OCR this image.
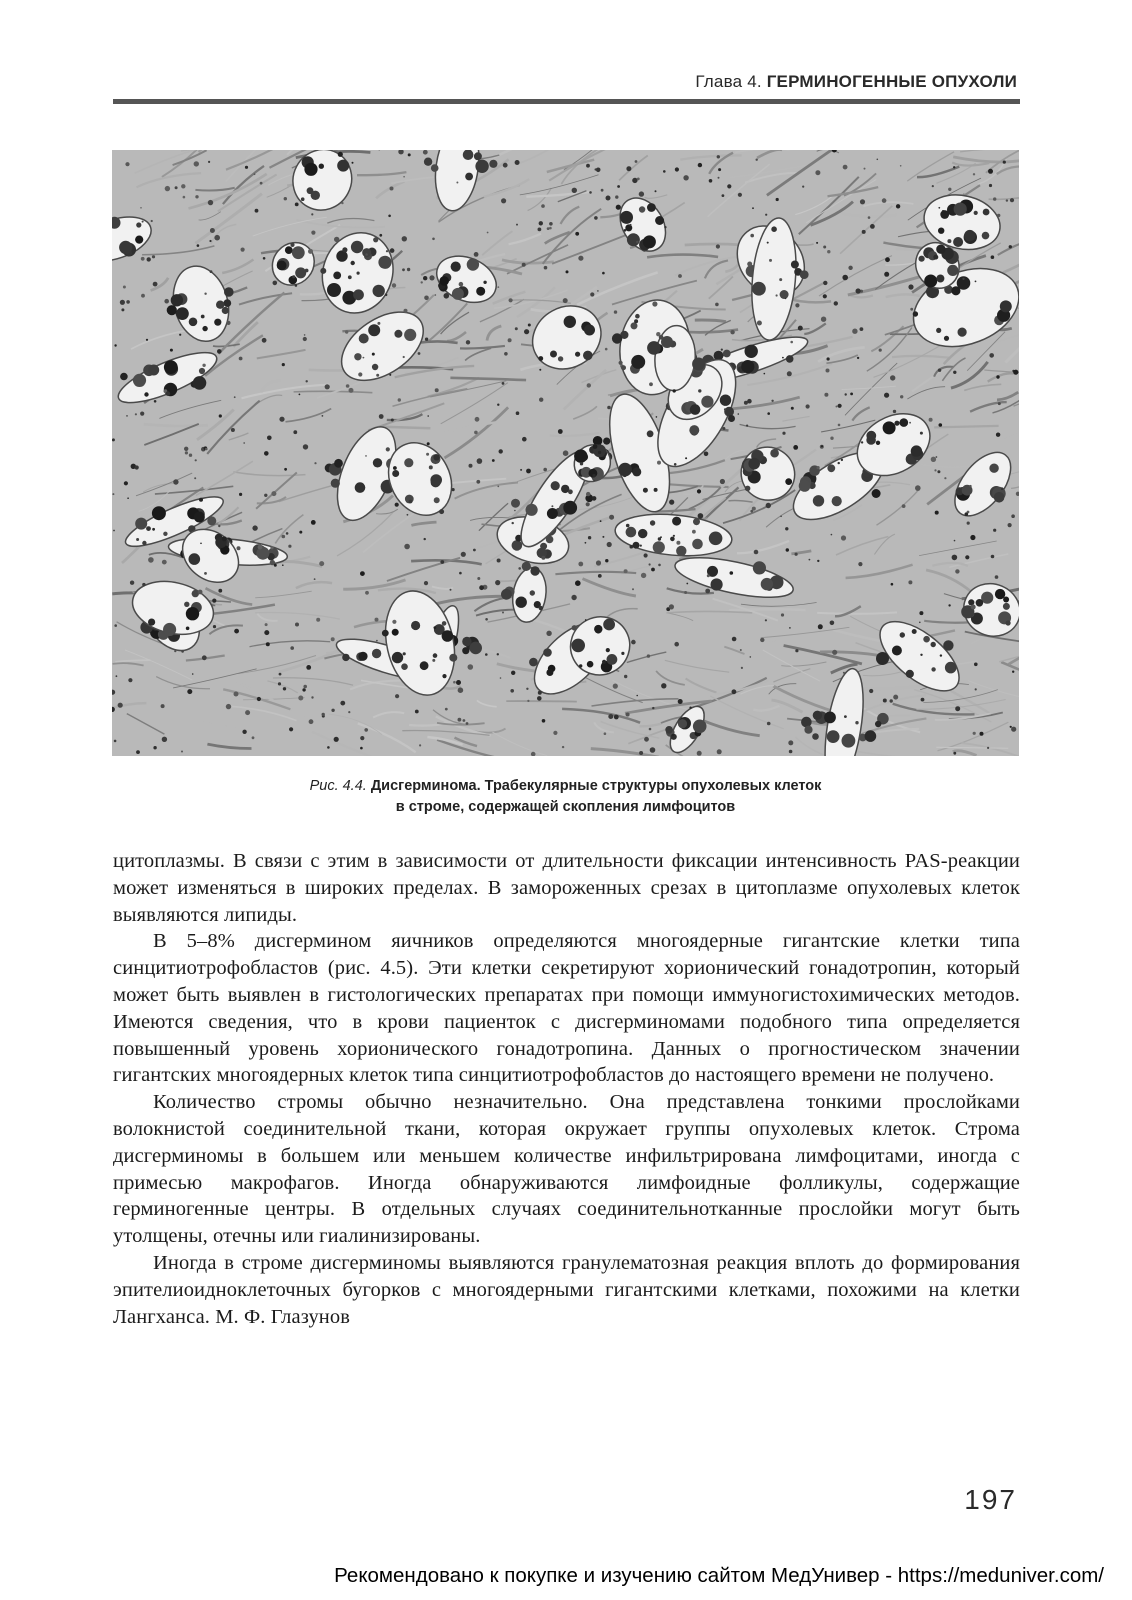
Глава 4. ГЕРМИНОГЕННЫЕ ОПУХОЛИ
Рис. 4.4. Дисгерминома. Трабекулярные структуры опухолевых клеток
в строме, содержащей скопления лимфоцитов

цитоплазмы. В связи с этим в зависимости от длительности фиксации интенсивность PAS-реакции может изменяться в широких пределах. В замороженных срезах в цитоплазме опухолевых клеток выявляются липиды.

В 5–8% дисгермином яичников определяются многоядерные гигантские клетки типа синцитиотрофобластов (рис. 4.5). Эти клетки секретируют хорионический гонадотропин, который может быть выявлен в гистологических препаратах при помощи иммуногистохимических методов. Имеются сведения, что в крови пациенток с дисгерминомами подобного типа определяется повышенный уровень хорионического гонадотропина. Данных о прогностическом значении гигантских многоядерных клеток типа синцитиотрофобластов до настоящего времени не получено.

Количество стромы обычно незначительно. Она представлена тонкими прослойками волокнистой соединительной ткани, которая окружает группы опухолевых клеток. Строма дисгерминомы в большем или меньшем количестве инфильтрирована лимфоцитами, иногда с примесью макрофагов. Иногда обнаруживаются лимфоидные фолликулы, содержащие герминогенные центры. В отдельных случаях соединительнотканные прослойки могут быть утолщены, отечны или гиалинизированы.

Иногда в строме дисгерминомы выявляются гранулематозная реакция вплоть до формирования эпителиоидноклеточных бугорков с многоядерными гигантскими клетками, похожими на клетки Лангханса. М. Ф. Глазунов

197
Рекомендовано к покупке и изучению сайтом МедУнивер - https://meduniver.com/
